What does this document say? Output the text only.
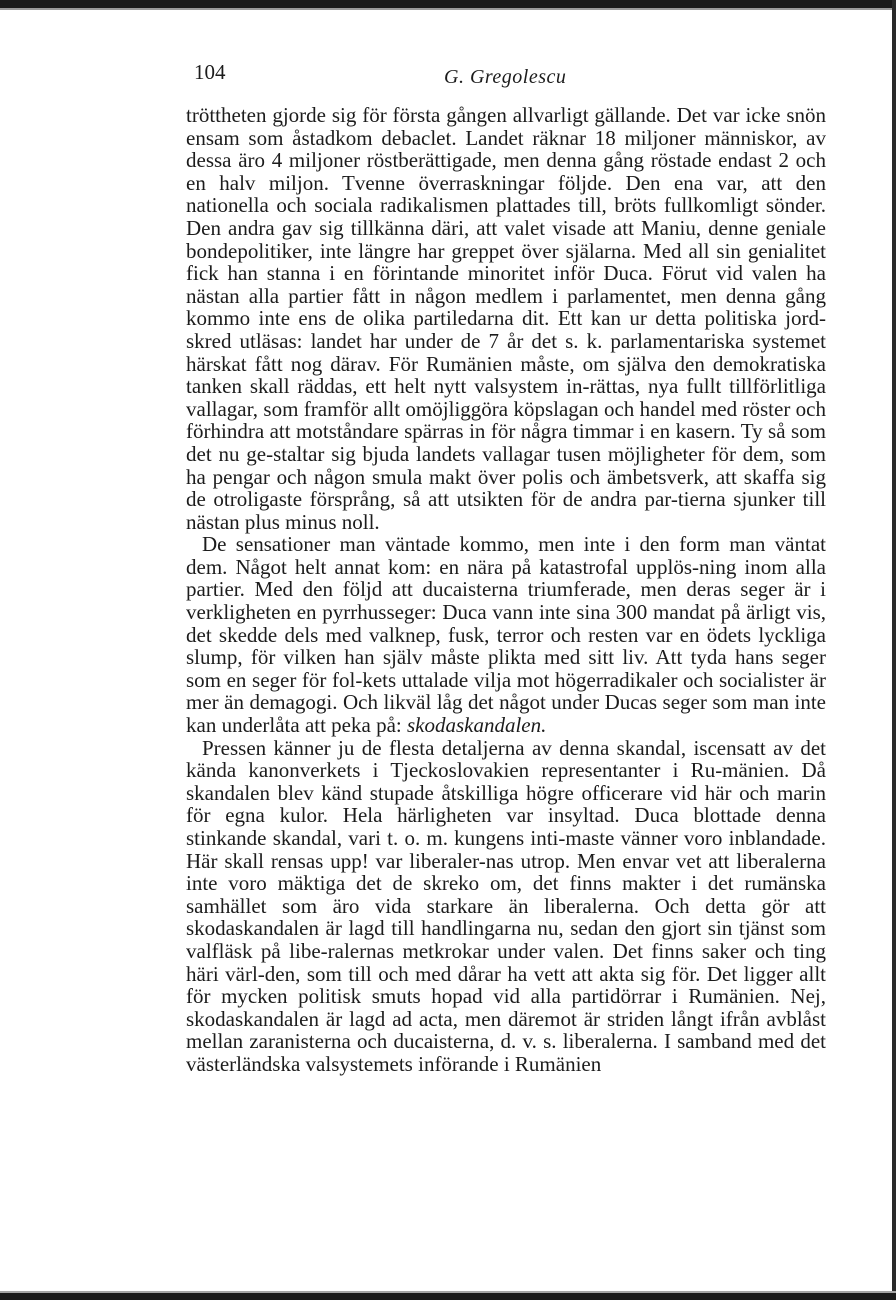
104	G. Gregolescu

tröttheten gjorde sig för första gången allvarligt gällande. Det var icke snön ensam som åstadkom debaclet. Landet räknar 18 miljoner människor, av dessa äro 4 miljoner röstberättigade, men denna gång röstade endast 2 och en halv miljon. Tvenne överraskningar följde. Den ena var, att den nationella och sociala radikalismen plattades till, bröts fullkomligt sönder. Den andra gav sig tillkänna däri, att valet visade att Maniu, denne geniale bondepolitiker, inte längre har greppet över själarna. Med all sin genialitet fick han stanna i en förintande minoritet inför Duca. Förut vid valen ha nästan alla partier fått in någon medlem i parlamentet, men denna gång kommo inte ens de olika partiledarna dit. Ett kan ur detta politiska jord-skred utläsas: landet har under de 7 år det s. k. parlamentariska systemet härskat fått nog därav. För Rumänien måste, om själva den demokratiska tanken skall räddas, ett helt nytt valsystem in-rättas, nya fullt tillförlitliga vallagar, som framför allt omöjliggöra köpslagan och handel med röster och förhindra att motståndare spärras in för några timmar i en kasern. Ty så som det nu ge-staltar sig bjuda landets vallagar tusen möjligheter för dem, som ha pengar och någon smula makt över polis och ämbetsverk, att skaffa sig de otroligaste försprång, så att utsikten för de andra par-tierna sjunker till nästan plus minus noll.

De sensationer man väntade kommo, men inte i den form man väntat dem. Något helt annat kom: en nära på katastrofal upplös-ning inom alla partier. Med den följd att ducaisterna triumferade, men deras seger är i verkligheten en pyrrhusseger: Duca vann inte sina 300 mandat på ärligt vis, det skedde dels med valknep, fusk, terror och resten var en ödets lyckliga slump, för vilken han själv måste plikta med sitt liv. Att tyda hans seger som en seger för fol-kets uttalade vilja mot högerradikaler och socialister är mer än demagogi. Och likväl låg det något under Ducas seger som man inte kan underlåta att peka på: skodaskandalen.

Pressen känner ju de flesta detaljerna av denna skandal, iscensatt av det kända kanonverkets i Tjeckoslovakien representanter i Ru-mänien. Då skandalen blev känd stupade åtskilliga högre officerare vid här och marin för egna kulor. Hela härligheten var insyltad. Duca blottade denna stinkande skandal, vari t. o. m. kungens inti-maste vänner voro inblandade. Här skall rensas upp! var liberaler-nas utrop. Men envar vet att liberalerna inte voro mäktiga det de skreko om, det finns makter i det rumänska samhället som äro vida starkare än liberalerna. Och detta gör att skodaskandalen är lagd till handlingarna nu, sedan den gjort sin tjänst som valfläsk på libe-ralernas metkrokar under valen. Det finns saker och ting häri värl-den, som till och med dårar ha vett att akta sig för. Det ligger allt för mycken politisk smuts hopad vid alla partidörrar i Rumänien. Nej, skodaskandalen är lagd ad acta, men däremot är striden långt ifrån avblåst mellan zaranisterna och ducaisterna, d. v. s. liberalerna. I samband med det västerländska valsystemets införande i Rumänien
